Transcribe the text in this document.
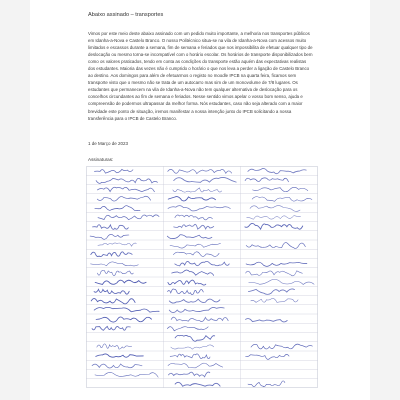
Abaixo assinado – transportes

Vimos por este meio deste abaixo assinado com um pedido muito importante, a melhoria nos transportes públicos em Idanha-a-Nova e Castelo Branco. O nosso Politécnico situa-se na vila de Idanha-a-Nova com acessos muito limitados e escassos durante a semana, fim de semana e feriados que nos impossibilita de efetuar qualquer tipo de deslocação ou mesmo torna-se incompatível com o horário escolar. Os horários de transporte disponibilizados bem como os valores praticados, tendo em conta as condições do transporte estão aquém das expectativas realistas dos estudantes. Maioria das vezes não é cumprido o horário o que nos leva a perder a ligação de Castelo Branco ao destino. Aos domingos para além de efetuarmos o registo no moodle IPCB na quarta feira, ficamos sem transporte visto que o mesmo não se trata de um autocarro mas sim de um monovolume de 7/8 lugares. Os estudantes que permanecem na vila de Idanha-a-Nova não tem qualquer alternativa de deslocação para os concelhos circundantes ao fim de semana e feriados. Nesse sentido vimos apelar o vosso bom senso, ajuda e compreensão de podermos ultrapassar da melhor forma. Nós estudantes, caso não seja alterado com a maior brevidade este ponto de situação, iremos manifestar a nossa intenção junto do IPCB solicitando a nossa transferência para o IPCB de Castelo Branco.

1 de Março de 2023
Assinaturas:
